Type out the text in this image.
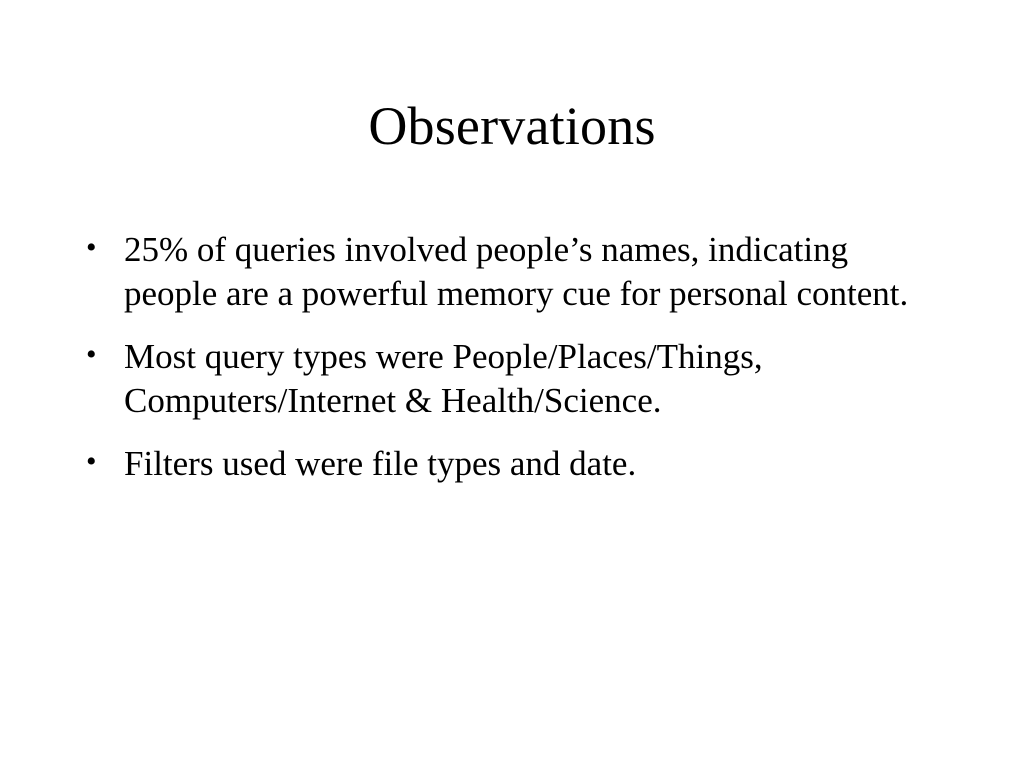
Observations
• 25% of queries involved people’s names, indicating people are a powerful memory cue for personal content.
• Most query types were People/Places/Things, Computers/Internet & Health/Science.
• Filters used were file types and date.
